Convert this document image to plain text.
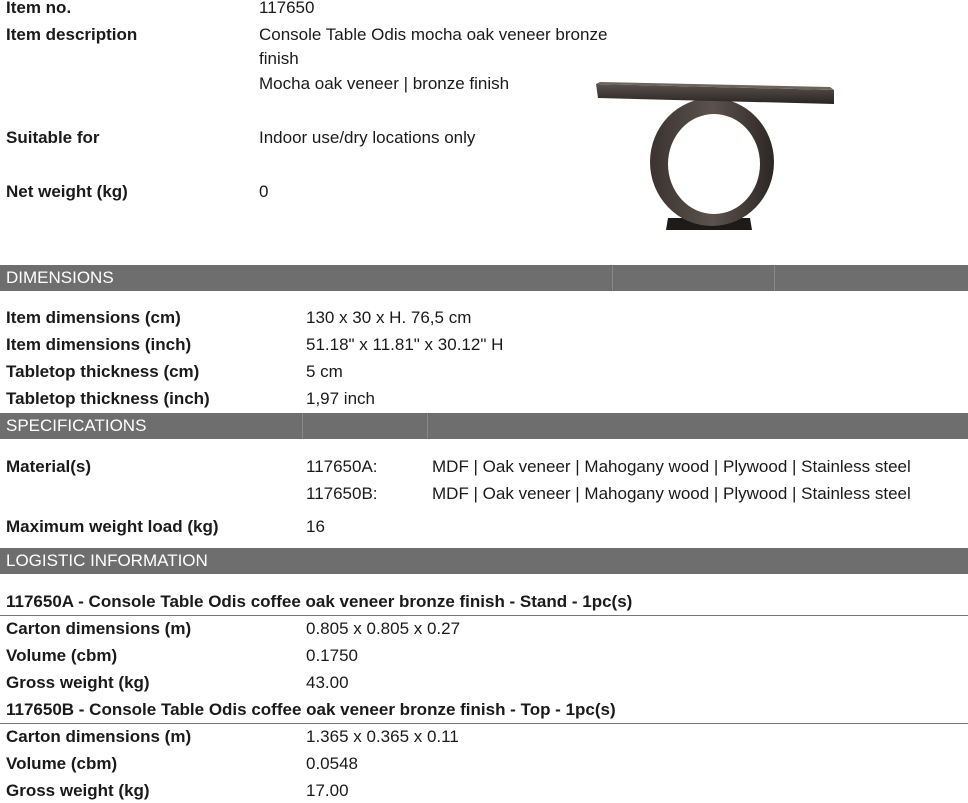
Item no.	117650
Item description	Console Table Odis mocha oak veneer bronze
finish
Mocha oak veneer | bronze finish
Suitable for	Indoor use/dry locations only
Net weight (kg)	0
DIMENSIONS
Item dimensions (cm)	130 x 30 x H. 76,5 cm
Item dimensions (inch)	51.18" x 11.81" x 30.12" H
Tabletop thickness (cm)	5 cm
Tabletop thickness (inch)	1,97 inch
SPECIFICATIONS
Material(s)	117650A:	MDF | Oak veneer | Mahogany wood | Plywood | Stainless steel
117650B:	MDF | Oak veneer | Mahogany wood | Plywood | Stainless steel
Maximum weight load (kg)	16
LOGISTIC INFORMATION
117650A - Console Table Odis coffee oak veneer bronze finish - Stand - 1pc(s)
Carton dimensions (m)	0.805 x 0.805 x 0.27
Volume (cbm)	0.1750
Gross weight (kg)	43.00
117650B - Console Table Odis coffee oak veneer bronze finish - Top - 1pc(s)
Carton dimensions (m)	1.365 x 0.365 x 0.11
Volume (cbm)	0.0548
Gross weight (kg)	17.00
